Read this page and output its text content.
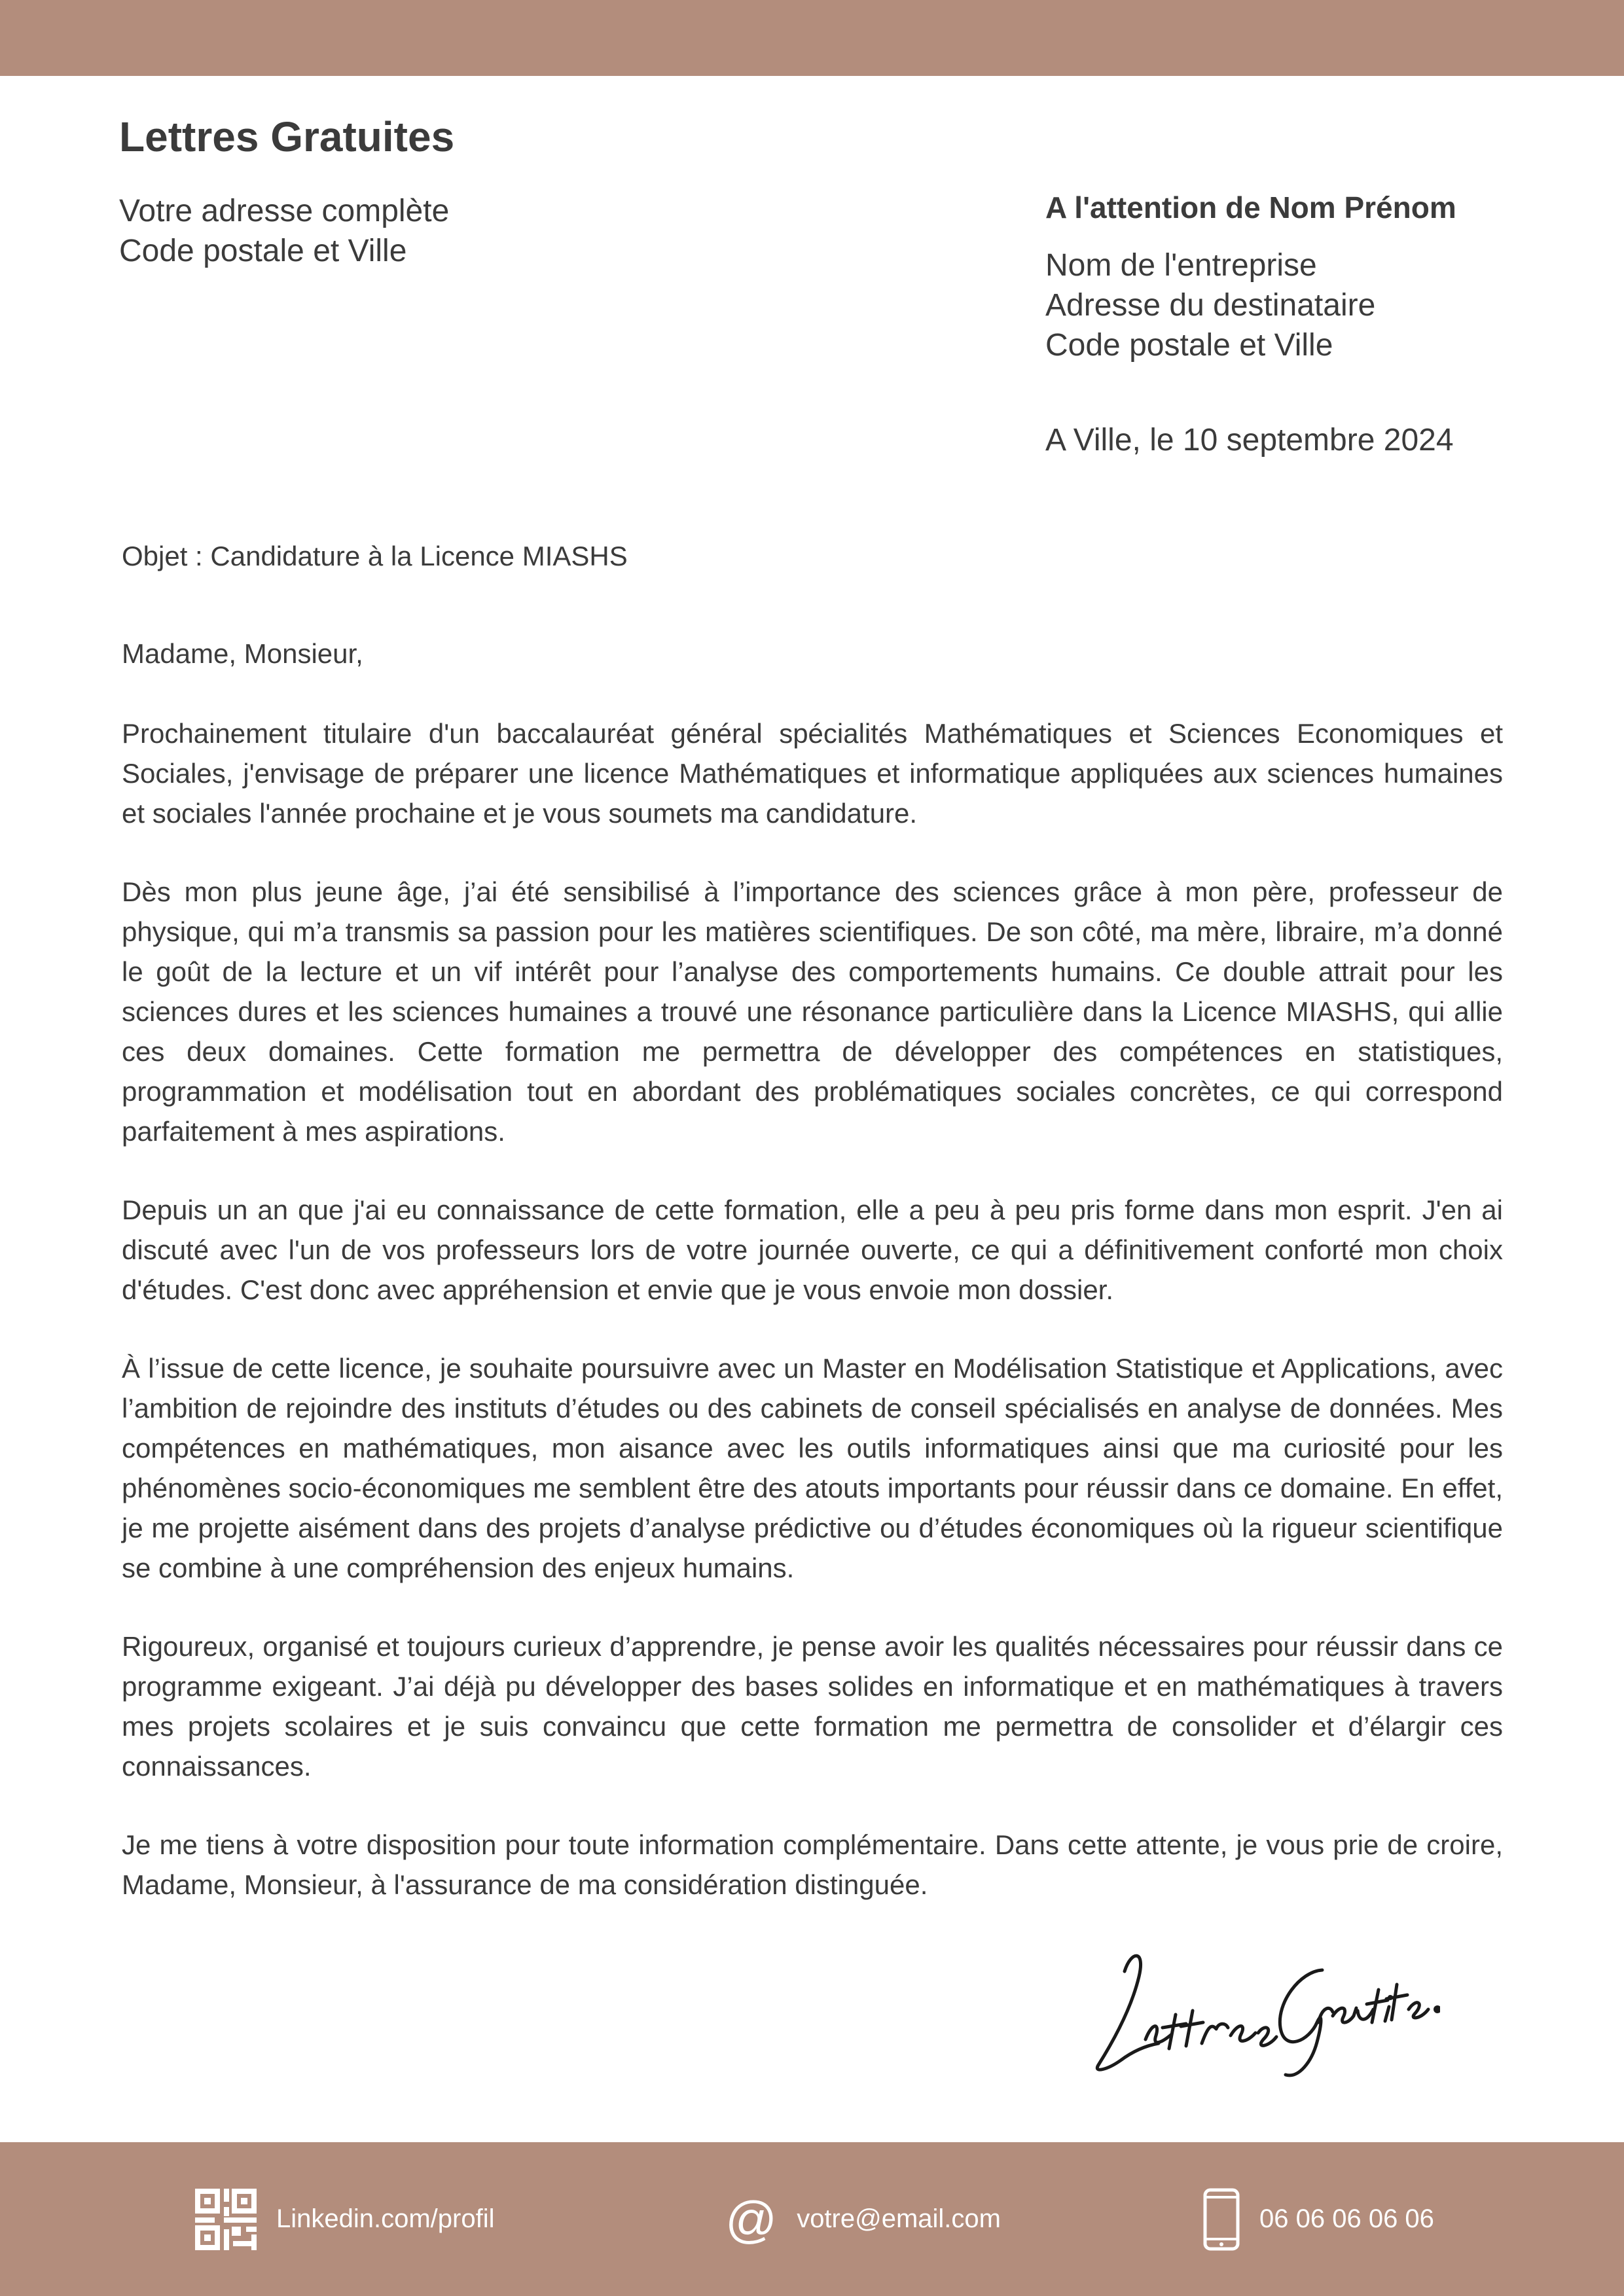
Lettres Gratuites
Votre adresse complète
Code postale et Ville
A l'attention de Nom Prénom
Nom de l'entreprise
Adresse du destinataire
Code postale et Ville
A Ville, le 10 septembre 2024
Objet : Candidature à la Licence MIASHS
Madame, Monsieur,

Prochainement titulaire d'un baccalauréat général spécialités Mathématiques et Sciences Economiques et Sociales, j'envisage de préparer une licence Mathématiques et informatique appliquées aux sciences humaines et sociales l'année prochaine et je vous soumets ma candidature.

Dès mon plus jeune âge, j’ai été sensibilisé à l’importance des sciences grâce à mon père, professeur de physique, qui m’a transmis sa passion pour les matières scientifiques. De son côté, ma mère, libraire, m’a donné le goût de la lecture et un vif intérêt pour l’analyse des comportements humains. Ce double attrait pour les sciences dures et les sciences humaines a trouvé une résonance particulière dans la Licence MIASHS, qui allie ces deux domaines. Cette formation me permettra de développer des compétences en statistiques, programmation et modélisation tout en abordant des problématiques sociales concrètes, ce qui correspond parfaitement à mes aspirations.

Depuis un an que j'ai eu connaissance de cette formation, elle a peu à peu pris forme dans mon esprit. J'en ai discuté avec l'un de vos professeurs lors de votre journée ouverte, ce qui a définitivement conforté mon choix d'études. C'est donc avec appréhension et envie que je vous envoie mon dossier.

À l’issue de cette licence, je souhaite poursuivre avec un Master en Modélisation Statistique et Applications, avec l’ambition de rejoindre des instituts d’études ou des cabinets de conseil spécialisés en analyse de données. Mes compétences en mathématiques, mon aisance avec les outils informatiques ainsi que ma curiosité pour les phénomènes socio-économiques me semblent être des atouts importants pour réussir dans ce domaine. En effet, je me projette aisément dans des projets d’analyse prédictive ou d’études économiques où la rigueur scientifique se combine à une compréhension des enjeux humains.

Rigoureux, organisé et toujours curieux d’apprendre, je pense avoir les qualités nécessaires pour réussir dans ce programme exigeant. J’ai déjà pu développer des bases solides en informatique et en mathématiques à travers mes projets scolaires et je suis convaincu que cette formation me permettra de consolider et d’élargir ces connaissances.

Je me tiens à votre disposition pour toute information complémentaire. Dans cette attente, je vous prie de croire, Madame, Monsieur, à l'assurance de ma considération distinguée.

Linkedin.com/profil	@ votre@email.com	06 06 06 06 06
